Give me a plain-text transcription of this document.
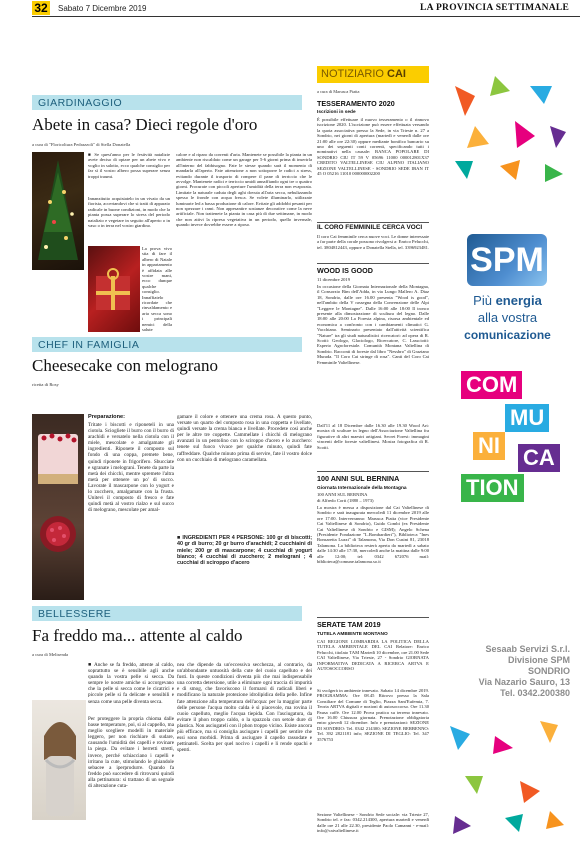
32 Sabato 7 Dicembre 2019	LA PROVINCIA SETTIMANALE
GIARDINAGGIO
Abete in casa? Dieci regole d'oro
a cura di "Floricoltura Pedrazzoli" di Stella Donatella
■ Se quest'anno per le festività natalizie avete deciso di optare per un abete vivo e voglio in salotto, ecco qualche consiglio per far sì il vostro albero possa superare senza troppi traumi.
Innanzitutto acquistatelo in un vivaio da un fiorista, accertandovi che si tratti di apparato radicale in buone condizioni, in modo che la pianta possa superare lo stress del periodo natalizio e vegetare in seguito all'aperto o in vaso o in terra nel vostro giardino.
La prova vivo stia di fare il albero di Natale in appartamento è affidata alle vostre mani, ecco dunque qualche consiglio. Innaffiatelo ricordate che rinvaldamento e aria secca sono i principali nemici della salute
calore e al riparo da correnti d'aria. Mantenete se possibile la pianta in un ambiente non riscaldato come un garage per 5-6 giorni prima di inserirla all'interno del fabbisogno. Fate le stesse quando sarà il momento di mandarla all'aperto. Fate attenzione a non sottoporre le radici a stress, evitando durante il trasporto di rompere il pane di terriccio che le avvolge. Mantenete radici e terriccio umidi annaffiando ogni tre o quattro giorni. Procurate con piccoli aperture l'umidità della terra non evaporata. Limitate la naturale caduta degli aghi dovuta all'aria secca, nebulizzando spesso le fronde con acqua fresca. Se volete illuminarlo, utilizzate luminarie led a bassa produzione di calore. Evitate gli addobbi pesanti per non spezzare i rami. Non appesantire sostanze decorative come la neve artificiale. Non trattenete la pianta in casa più di due settimane, in modo che non attivi la ripresa vegetativa in un periodo, quello invernale, quando invece dovrebbe essere a riposo.
CHEF IN FAMIGLIA
Cheesecake con melograno
ricetta di Rosy
Preparazione:
Tritate i biscotti e riponeteli in una ciotola. Sciogliete il burro con il burro di arachidi e versatelo nella ciotola con il miele, mescolate e amalgamate gli ingredienti. Riponete il composto sul fondo di una coppa, premete bene, quindi riponete in frigorifero. Sbucciate e sgranate i melograni. Tenete da parte la metà dei chicchi, mentre spremete l'altra metà per ottenere un po' di succo. Lavorate il mascarpone con lo yogurt e lo zucchero, amalgamate con la frusta. Unitevi il composto di fresco e fate quindi metà al vostro rialzo e sul succo di melograno, mescolate per amal-
gamare il colore e ottenere una crema rosa. A questo punto, versate un quarto del composto rosa in una coppetta e livellate, quindi versate la crema bianca e livellate. Procedete così anche per le altre tre coppette. Cammellate i chicchi di melograno avanzati in un pentolino con lo sciroppo d'acero e lo zucchero: tenete sul fuoco vivace per qualche minuto, quindi fate raffreddare. Qualche minuto prima di servire, fate il vostro dolce con un cucchiaio di melograno caramellata.
■ INGREDIENTI PER 4 PERSONE: 100 gr di biscotti; 40 gr di burro; 20 gr burro d'arachidi; 2 cucchiaini di miele; 200 gr di mascarpone; 4 cucchiai di yogurt bianco; 4 cucchiai di zucchero; 2 melograni ; 4 cucchiai di sciroppo d'acero
BELLESSERE
Fa freddo ma... attente al caldo
a cura di Melisenda
■ Anche se fa freddo, attente al caldo, soprattutto se è sensibile agli anche quando la vostra pelle si secca. Da sempre le nostre amiche si accorgevano che la pelle si secca come le cicatrici e piccole pelle si fa delicate e sensibili e senza come una pelle diventa secca.
Per proteggere la propria chioma dalle basse temperature, poi, si al cappello, ma meglio scegliere modelli in materiale leggero, per non rischiare di sudare, causando l'umidità dei capelli e rovinare la piega. Da evitare i berretti stretti, invece, perché schiacciano i capelli e irritano la cute, stimolando le ghiandole sebacee a iperprodurre. Quando fa freddo può succedere di ritrovarsi quindi alla pettinatura: si trattano di un segnale di alterazione cuta-
nea che dipende da un'eccessiva secchezza, al contrario, da un'abbondante untuosità della cute del cuoio capelluto e dei fusti. In queste condizioni diventa più che mai indispensabile una corretta detersione, utile a eliminare ogni traccia di impurità e di smog, che favoriscono il formarsi di radicali liberi e modificano la naturale protezione idrolipidica della pelle. Infine fate attenzione alla temperatura dell'acqua: per la maggior parte delle persone l'acqua molto calda è sì piacevole, ma rovina il cuoio capelluto, meglio l'acqua tiepida. Con l'asciugatura, da evitare il phon troppo caldo, o la spazzola con setole dure di plastica. Non asciugateli con il phon troppo vicino. Esiste ancora più efficace, ma si consiglia asciugare i capelli per sentire che essi sono morbidi. Prima di asciugare il capello rassodate e pettinateli. Scelta per quel nocivo i capelli e li rende opachi e spenti.
NOTIZIARIO CAI
a cura di Marusca Piatta
TESSERAMENTO 2020
Iscrizioni in sede
È possibile effettuare il nuovo tesseramento o il rinnovo iscrizione 2020. L'iscrizione può essere effettuata versando la quota associativa presso la Sede, in via Trieste n. 27 a Sondrio, nei giorni di apertura (martedì e venerdì dalle ore 21:00 alle ore 22:30) oppure mediante bonifico bancario su uno dei seguenti conti correnti, specificando tutti i nominativi nella causale: BANCA POPOLARE DI SONDRIO CIU IT 59 V 05696 11000 000012801X37 CREDITO VALTELLINESE CIU ALPINO ITALIANO SEZIONE VALTELLINESE - SONDRIO SEDE IBAN IT 45 O 05216 11010 000000002200
IL CORO FEMMINILE CERCA VOCI
Il coro Cai femminile cerca nuove voci. Le donne interessate a far parte della corale possono rivolgersi a: Enrico Pelucchi, tel. 3804812443, oppure a Donatella Stella, tel. 3396923481.
WOOD IS GOOD
11 dicembre 2019
In occasione della Giornata Internazionale della Montagna, il Consorzio Bim dell'Adda, in via Lungo Mallero A. Diaz 18, Sondrio, dalle ore 16.00 presenta "Wood is good", nell'ambito della V rassegna della Convenzione delle Alpi "Leggere le Montagne". Dalle 16:00 alle 18:00 Il tronco presente alla dimostrazione di scultura del legno. Dalle 18:00 alle 20:00 La Foresta alpina, risorsa ambientale ed economica a confronto con i cambiamenti climatici G. Vacchiano. Seminario presentato dall'attività scientifica "Nature" tra gli studi naturalistici ricercatori: ad opera di R. Scotti: Geologo, Glaciologo, Ricercatore, C. Lassciotti: Esperto Agroforestale. Comunità Montana Valtellina di Sondrio. Racconti di foreste dal libro "Nessbro" di Graziano Murada. "Il Coro Cai stringe di rosa". Canti del Coro Cai Femminile Valtellinese.
Dall'11 al 18 Dicembre dalle 16.30 alle 19.30 Wood Art: mostra di sculture in legno dell'Associazione Valtellina fra figurative di altri maestri artigiani. Secret Forest: immagini vincenti delle foreste valtellinesi. Mostra fotografica di R. Scotti.
100 ANNI SUL BERNINA
Giornata Internazionale della Montagna
100 ANNI SUL BERNINA
di Alfredo Corti (1880 – 1973)
La mostra è messa a disposizione dal Cai Valtellinese di Sondrio e sarà inaugurata mercoledì 11 dicembre 2019 alle ore 17:00. Interverranno: Marusca Piatta (vice Presidente Cai Valtellinese di Sondrio), Guido Combi (ex Presidente Cai Valtellinese di Sondrio e GISM); Angelo Schena (Presidente Fondazione "L.Bombardieri"), Biblioteca "Ines Bonsaretta Luzzi" di Talamona, Via Don Cusini 81, 23018 Talamona. La biblioteca resterà aperta da martedì a sabato dalle 14:30 alle 17:30, mercoledì anche la mattina dalle 9:00 alle 12:00; tel: 0342 672076 mail: biblioteca@comune.talamona.so.it
SERATE TAM 2019
TUTELA AMBIENTE MONTANO
CAI REGIONE LOMBARDIA LA POLITICA DELLA TUTELA AMBIENTALE DEL CAI Relatore: Enrico Pelucchi, titolato TAM Martedì 10 dicembre, ore 21.00 Sede CAI Valtellinese, Via Trieste, 27 - Sondrio GIORNATA INFORMATIVA DEDICATA A RICERCA ARTVA E AUTOSOCCORSO
Si svolgerà in ambiente innevato. Sabato 14 dicembre 2019. PROGRAMMA: Ore 08.45 Ritrovo presso la Sala Consiliare del Comune di Teglio, Piazza Sant'Eufemia, 7. Teoria ARTVA digitali e nozioni di autosoccorso. Ore 11.30 Pausa caffè. Ore 12.00 Prova pratica su terreno innevato. Ore 16.00 Chiusura giornata. Prenotazione obbligatoria entro giovedì 12 dicembre. Info e prenotazioni: SEZIONE DI SONDRIO: Tel. 0342 214300; SEZIONE BERBENNO: Tel. 392 2821181 info; SEZIONE DI TEGLIO: Tel. 347 3576753
Sezione Valtellinese - Sondrio Sede sociale: via Trieste 27, Sondrio tel. e fax: 0342.214300, apertura martedì e venerdì dalle ore 21 alle 22.30, presidente Paolo Camanni - e-mail: info@caivaltellinese.it
SPM
Più energia
alla vostra
comunicazione
COM
MU
NI CA
TION
Sesaab Servizi S.r.l.
Divisione SPM
SONDRIO
Via Nazario Sauro, 13
Tel. 0342.200380
